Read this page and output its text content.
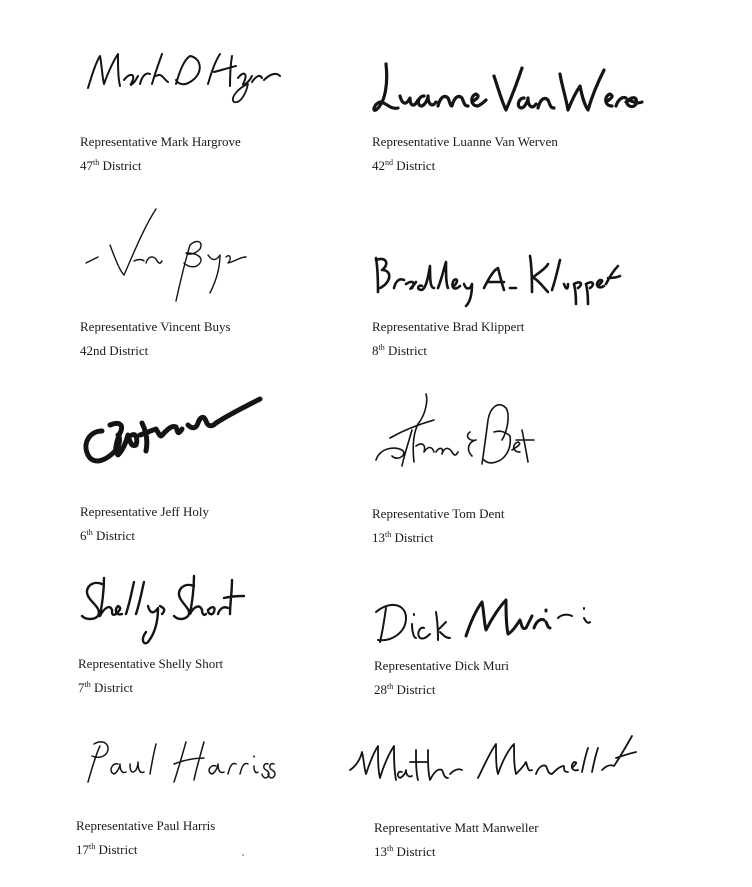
Representative Mark Hargrove
47th District
Representative Luanne Van Werven
42nd District
Representative Vincent Buys
42nd District
Representative Brad Klippert
8th District
Representative Jeff Holy
6th District
Representative Tom Dent
13th District
Representative Shelly Short
7th District
Representative Dick Muri
28th District
Representative Paul Harris
17th District
Representative Matt Manweller
13th District
